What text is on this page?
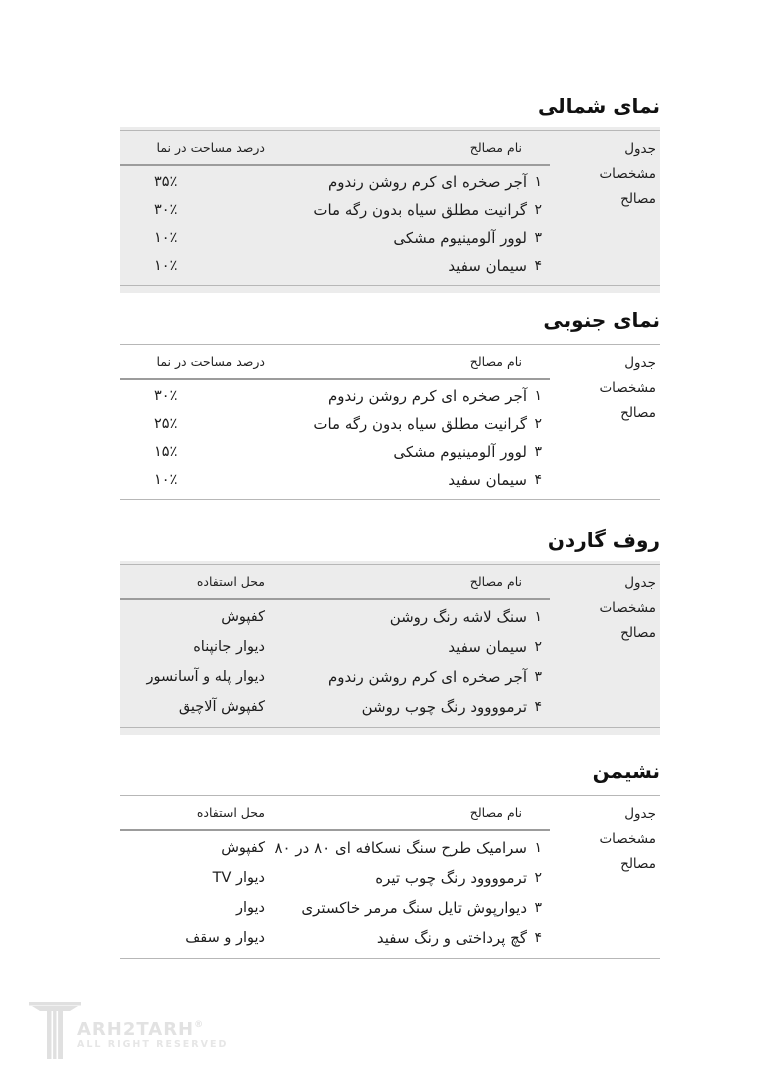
نمای شمالی
جدول
مشخصات
مصالح
نام مصالح
درصد مساحت در نما
۱
آجر صخره ای کرم روشن رندوم
۳۵٪
۲
گرانیت مطلق سیاه بدون رگه مات
۳۰٪
۳
لوور آلومینیوم مشکی
۱۰٪
۴
سیمان سفید
۱۰٪
نمای جنوبی
جدول
مشخصات
مصالح
نام مصالح
درصد مساحت در نما
۱
آجر صخره ای کرم روشن رندوم
۳۰٪
۲
گرانیت مطلق سیاه بدون رگه مات
۲۵٪
۳
لوور آلومینیوم مشکی
۱۵٪
۴
سیمان سفید
۱۰٪
روف گاردن
جدول
مشخصات
مصالح
نام مصالح
محل استفاده
۱
سنگ لاشه رنگ روشن
کفپوش
۲
سیمان سفید
دیوار جانپناه
۳
آجر صخره ای کرم روشن رندوم
دیوار پله و آسانسور
۴
ترموووود رنگ چوب روشن
کفپوش آلاچیق
نشیمن
جدول
مشخصات
مصالح
نام مصالح
محل استفاده
۱
سرامیک طرح سنگ نسکافه ای ۸۰ در ۸۰
کفپوش
۲
ترموووود رنگ چوب تیره
دیوار TV
۳
دیوارپوش تایل سنگ مرمر خاکستری
دیوار
۴
گچ پرداختی و رنگ سفید
دیوار و سقف
ARH2TARH®
ALL RIGHT RESERVED
